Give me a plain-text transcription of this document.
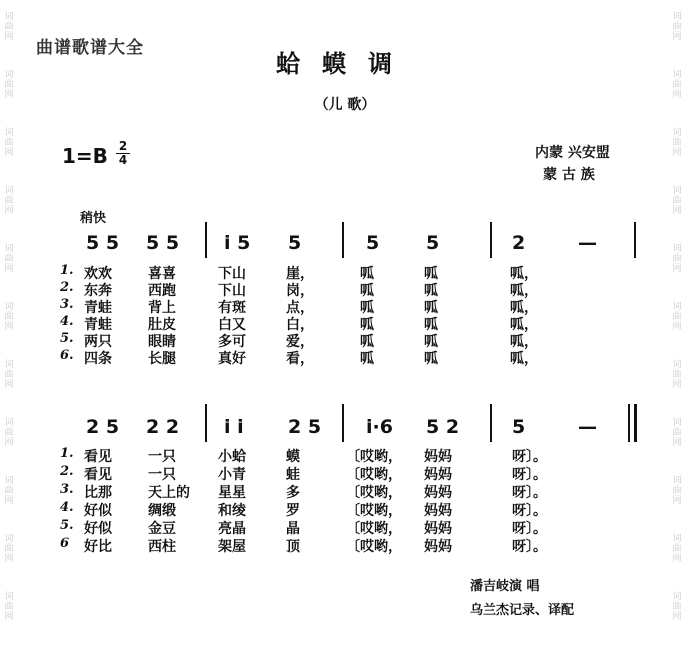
词
曲
网
词
曲
网
词
曲
网
词
曲
网
词
曲
网
词
曲
网
词
曲
网
词
曲
网
词
曲
网
词
曲
网
词
曲
网
词
曲
网
词
曲
网
词
曲
网
词
曲
网
词
曲
网
词
曲
网
词
曲
网
词
曲
网
词
曲
网
词
曲
网
词
曲
网
曲谱歌谱大全
蛤蟆调
（儿 歌）
1=B 2
4	内蒙 兴安盟
蒙 古 族
稍快
5 5 5 5 i 5 5	5 5	2	—
1. 欢欢	喜喜	下山	崖，	呱	呱	呱，
2. 东奔	西跑	下山	岗，	呱	呱	呱，
3. 青蛙	背上	有斑	点，	呱	呱	呱，
4. 青蛙	肚皮	白又	白，	呱	呱	呱，
5. 两只	眼睛	多可	爱，	呱	呱	呱，
6. 四条	长腿	真好	看，	呱	呱	呱，
2 5 2 2 i i 2 5 i·6 5 2	5	—
1. 看见	一只	小蛤	蟆	〔哎哟， 妈妈	呀〕。
2. 看见	一只	小青	蛙	〔哎哟， 妈妈	呀〕。
3. 比那	天上的 星星	多	〔哎哟， 妈妈	呀〕。
4. 好似	绸缎	和绫	罗	〔哎哟， 妈妈	呀〕。
5. 好似	金豆	亮晶	晶	〔哎哟， 妈妈	呀〕。
6 好比	西柱	架屋	顶	〔哎哟， 妈妈	呀〕。
潘吉岐演 唱
乌兰杰记录、译配
